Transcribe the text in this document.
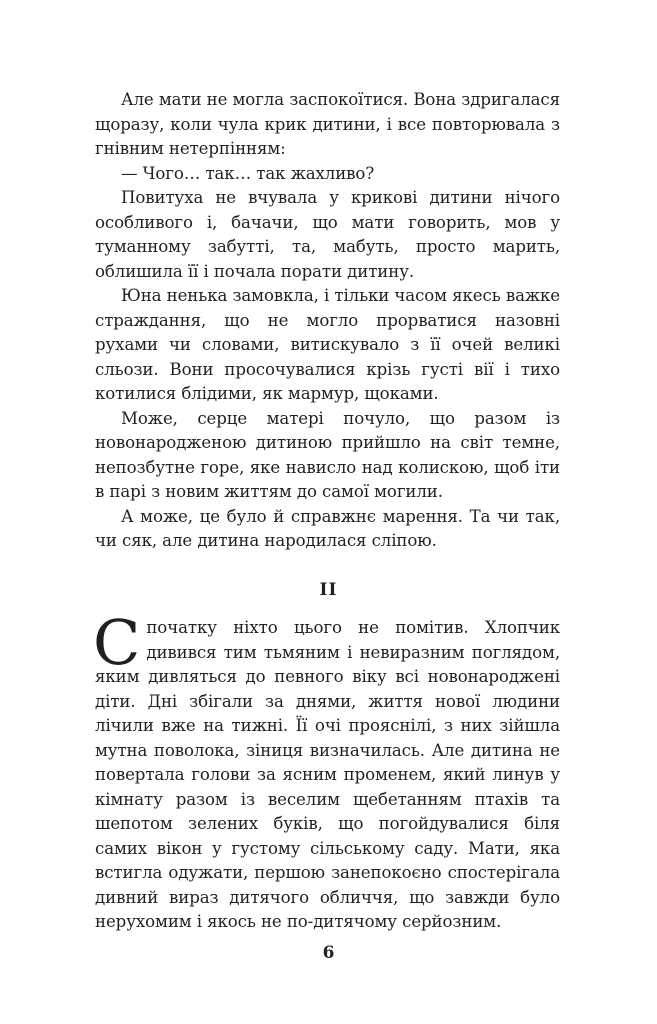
Але мати не могла заспокоїтися. Вона здригалася щоразу, коли чула крик дитини, і все повторювала з гнівним нетерпінням:

— Чого… так… так жахливо?

Повитуха не вчувала у крикові дитини нічого особливого і, бачачи, що мати говорить, мов у туманному забутті, та, мабуть, просто марить, облишила її і почала порати дитину.

Юна ненька замовкла, і тільки часом якесь важке страждання, що не могло прорватися назовні рухами чи словами, витискувало з її очей великі сльози. Вони просочувалися крізь густі вії і тихо котилися блідими, як мармур, щоками.

Може, серце матері почуло, що разом із новонародженою дитиною прийшло на світ темне, непозбутне горе, яке нависло над колискою, щоб іти в парі з новим життям до самої могили.

А може, це було й справжнє марення. Та чи так, чи сяк, але дитина народилася сліпою.

II

Спочатку ніхто цього не помітив. Хлопчик дивився тим тьмяним і невиразним поглядом, яким дивляться до певного віку всі новонароджені діти. Дні збігали за днями, життя нової людини лічили вже на тижні. Її очі прояснілі, з них зійшла мутна поволока, зіниця визначилась. Але дитина не повертала голови за ясним променем, який линув у кімнату разом із веселим щебетанням птахів та шепотом зелених буків, що погойдувалися біля самих вікон у густому сільському саду. Мати, яка встигла одужати, першою занепокоєно спостерігала дивний вираз дитячого обличчя, що завжди було нерухомим і якось не по-дитячому серйозним.

6
